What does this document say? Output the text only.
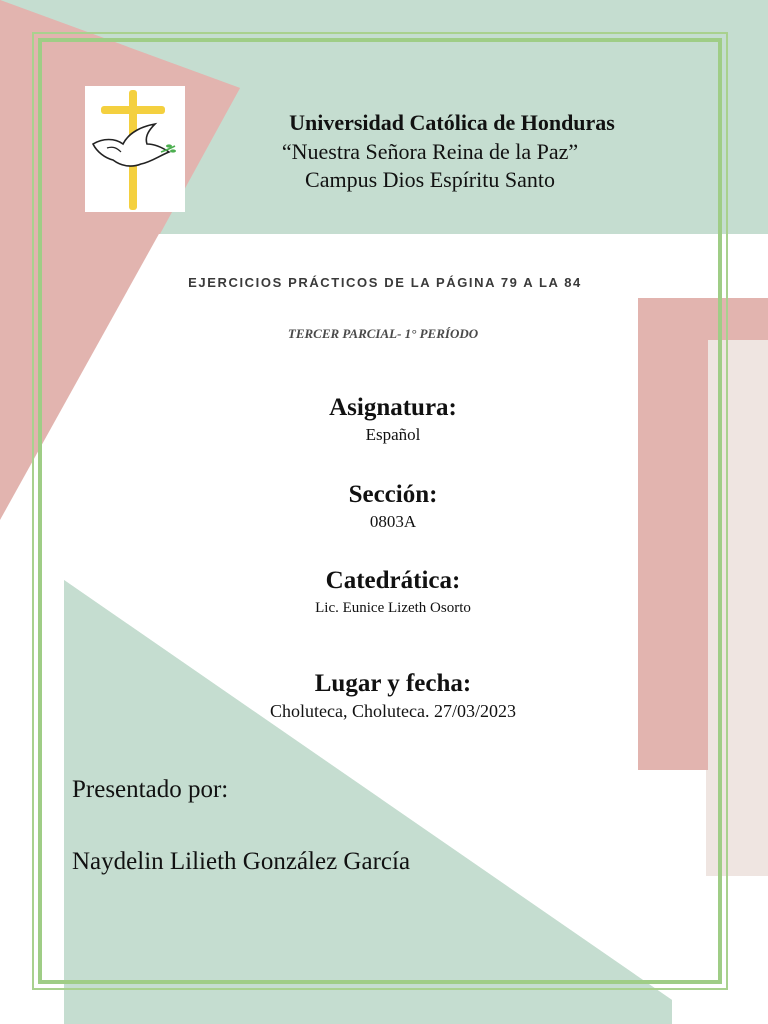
Universidad Católica de Honduras
“Nuestra Señora Reina de la Paz”
Campus Dios Espíritu Santo
EJERCICIOS PRÁCTICOS DE LA PÁGINA 79 A LA 84
TERCER PARCIAL- 1° PERÍODO
Asignatura:
Español
Sección:
0803A
Catedrática:
Lic. Eunice Lizeth Osorto
Lugar y fecha:
Choluteca, Choluteca. 27/03/2023
Presentado por:
Naydelin Lilieth González García
